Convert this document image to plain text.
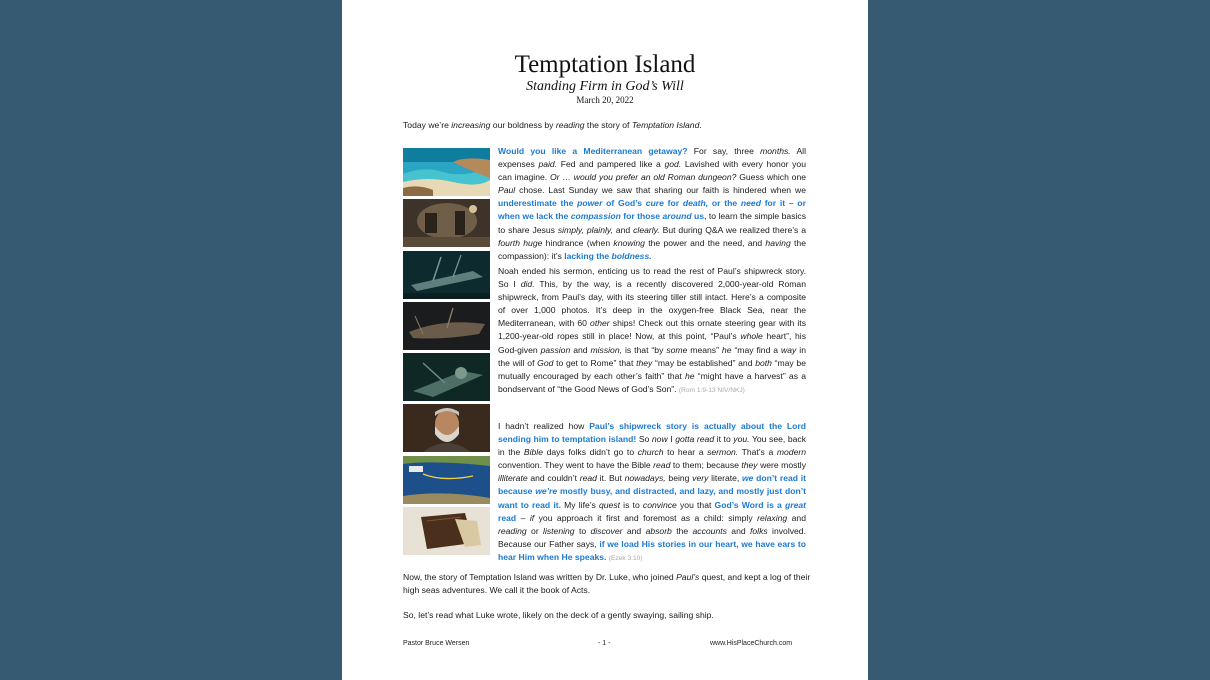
Temptation Island
Standing Firm in God’s Will
March 20, 2022

Today we’re increasing our boldness by reading the story of Temptation Island.

Would you like a Mediterranean getaway? For say, three months. All expenses paid. Fed and pampered like a god. Lavished with every honor you can imagine. Or … would you prefer an old Roman dungeon? Guess which one Paul chose. Last Sunday we saw that sharing our faith is hindered when we underestimate the power of God’s cure for death, or the need for it – or when we lack the compassion for those around us, to learn the simple basics to share Jesus simply, plainly, and clearly. But during Q&A we realized there’s a fourth huge hindrance (when knowing the power and the need, and having the compassion): it’s lacking the boldness.

Noah ended his sermon, enticing us to read the rest of Paul’s shipwreck story. So I did. This, by the way, is a recently discovered 2,000-year-old Roman shipwreck, from Paul’s day, with its steering tiller still intact. Here’s a composite of over 1,000 photos. It’s deep in the oxygen-free Black Sea, near the Mediterranean, with 60 other ships! Check out this ornate steering gear with its 1,200-year-old ropes still in place! Now, at this point, “Paul’s whole heart”, his God-given passion and mission, is that “by some means” he “may find a way in the will of God to get to Rome” that they “may be established” and both “may be mutually encouraged by each other’s faith” that he “might have a harvest” as a bondservant of “the Good News of God’s Son”. (Rom 1:9-13 NIV/NKJ)

I hadn’t realized how Paul’s shipwreck story is actually about the Lord sending him to temptation island! So now I gotta read it to you. You see, back in the Bible days folks didn’t go to church to hear a sermon. That’s a modern convention. They went to have the Bible read to them; because they were mostly illiterate and couldn’t read it. But nowadays, being very literate, we don’t read it because we’re mostly busy, and distracted, and lazy, and mostly just don’t want to read it. My life’s quest is to convince you that God’s Word is a great read – if you approach it first and foremost as a child: simply relaxing and reading or listening to discover and absorb the accounts and folks involved. Because our Father says, if we load His stories in our heart, we have ears to hear Him when He speaks. (Ezek 3:10)

Now, the story of Temptation Island was written by Dr. Luke, who joined Paul’s quest, and kept a log of their high seas adventures. We call it the book of Acts.

So, let’s read what Luke wrote, likely on the deck of a gently swaying, sailing ship.

Pastor Bruce Wersen	- 1 -	www.HisPlaceChurch.com
